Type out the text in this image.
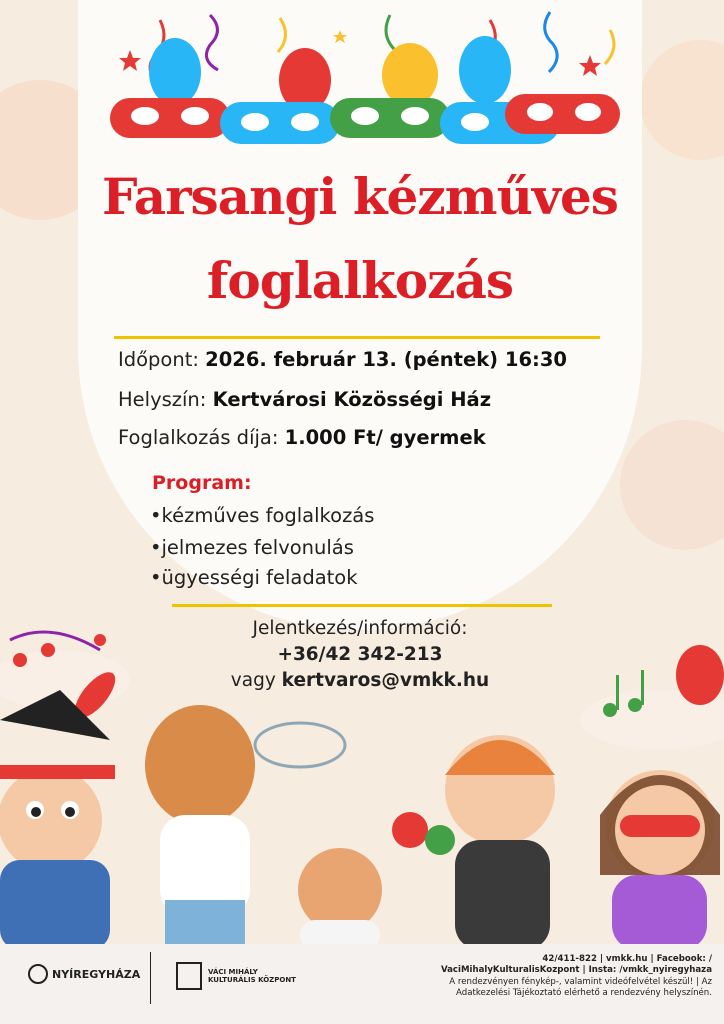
Farsangi kézműves
foglalkozás
Időpont: 2026. február 13. (péntek) 16:30
Helyszín: Kertvárosi Közösségi Ház
Foglalkozás díja: 1.000 Ft/ gyermek
Program:
•kézműves foglalkozás
•jelmezes felvonulás
•ügyességi feladatok
Jelentkezés/információ:
+36/42 342-213
vagy kertvaros@vmkk.hu
NYÍREGYHÁZA	VÁCI MIHÁLY
KULTURÁLIS KÖZPONT
42/411-822 | vmkk.hu | Facebook: /
VaciMihalyKulturalisKozpont | Insta: /vmkk_nyiregyhaza
A rendezvényen fénykép-, valamint videófelvétel készül! | Az
Adatkezelési Tájékoztató elérhető a rendezvény helyszínén.
